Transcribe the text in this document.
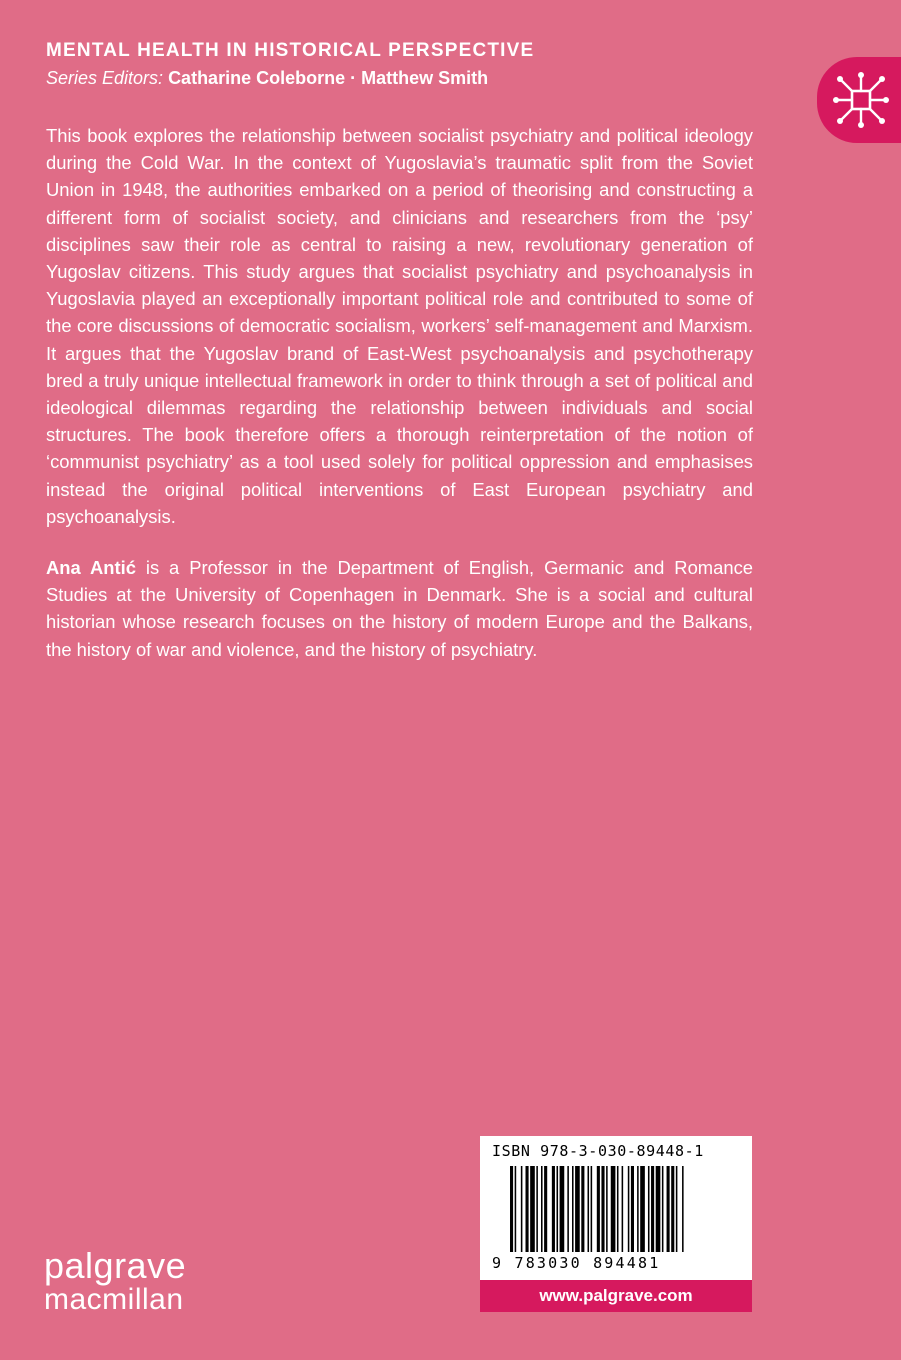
MENTAL HEALTH IN HISTORICAL PERSPECTIVE
Series Editors: Catharine Coleborne · Matthew Smith

This book explores the relationship between socialist psychiatry and political ideology during the Cold War. In the context of Yugoslavia’s traumatic split from the Soviet Union in 1948, the authorities embarked on a period of theorising and constructing a different form of socialist society, and clinicians and researchers from the ‘psy’ disciplines saw their role as central to raising a new, revolutionary generation of Yugoslav citizens. This study argues that socialist psychiatry and psychoanalysis in Yugoslavia played an exceptionally important political role and contributed to some of the core discussions of democratic socialism, workers’ self-management and Marxism. It argues that the Yugoslav brand of East-West psychoanalysis and psychotherapy bred a truly unique intellectual framework in order to think through a set of political and ideological dilemmas regarding the relationship between individuals and social structures. The book therefore offers a thorough reinterpretation of the notion of ‘communist psychiatry’ as a tool used solely for political oppression and emphasises instead the original political interventions of East European psychiatry and psychoanalysis.

Ana Antić is a Professor in the Department of English, Germanic and Romance Studies at the University of Copenhagen in Denmark. She is a social and cultural historian whose research focuses on the history of modern Europe and the Balkans, the history of war and violence, and the history of psychiatry.

palgrave
macmillan
ISBN 978-3-030-89448-1
9 783030 894481
www.palgrave.com
